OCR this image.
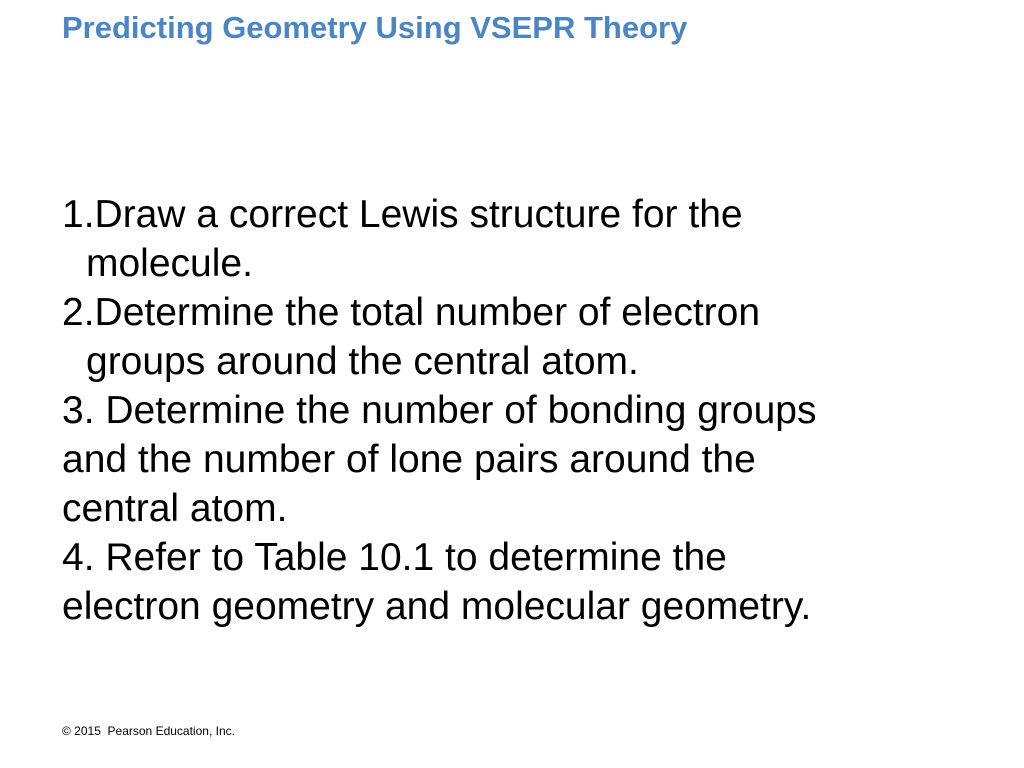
Predicting Geometry Using VSEPR Theory
1.Draw a correct Lewis structure for the
molecule.
2.Determine the total number of electron
groups around the central atom.
3. Determine the number of bonding groups
and the number of lone pairs around the
central atom.
4. Refer to Table 10.1 to determine the
electron geometry and molecular geometry.
© 2015  Pearson Education, Inc.
